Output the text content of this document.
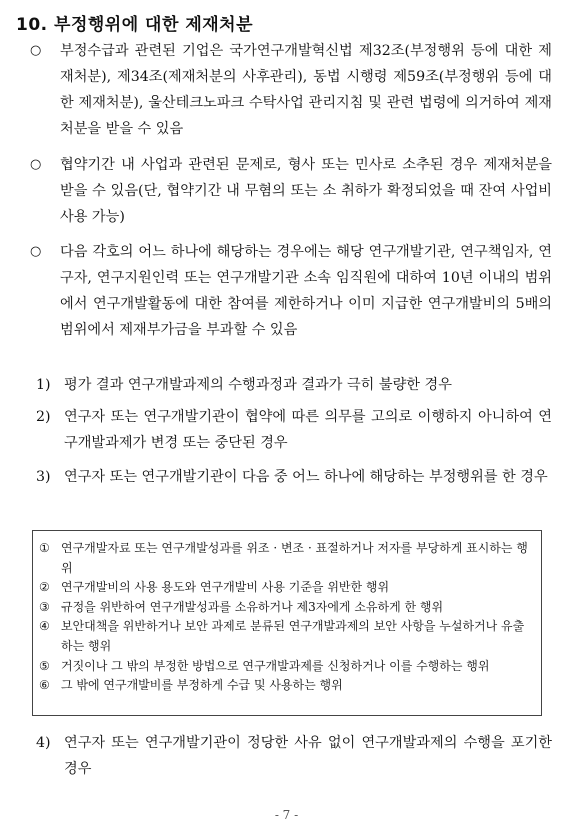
10. 부정행위에 대한 제재처분
○	부정수급과 관련된 기업은 국가연구개발혁신법 제32조(부정행위 등에 대한 제재처분), 제34조(제재처분의 사후관리), 동법 시행령 제59조(부정행위 등에 대한 제재처분), 울산테크노파크 수탁사업 관리지침 및 관련 법령에 의거하여 제재처분을 받을 수 있음
○	협약기간 내 사업과 관련된 문제로, 형사 또는 민사로 소추된 경우 제재처분을 받을 수 있음(단, 협약기간 내 무혐의 또는 소 취하가 확정되었을 때 잔여 사업비 사용 가능)
○	다음 각호의 어느 하나에 해당하는 경우에는 해당 연구개발기관, 연구책임자, 연구자, 연구지원인력 또는 연구개발기관 소속 임직원에 대하여 10년 이내의 범위에서 연구개발활동에 대한 참여를 제한하거나 이미 지급한 연구개발비의 5배의 범위에서 제재부가금을 부과할 수 있음
1) 평가 결과 연구개발과제의 수행과정과 결과가 극히 불량한 경우
2) 연구자 또는 연구개발기관이 협약에 따른 의무를 고의로 이행하지 아니하여 연구개발과제가 변경 또는 중단된 경우
3) 연구자 또는 연구개발기관이 다음 중 어느 하나에 해당하는 부정행위를 한 경우
① 연구개발자료 또는 연구개발성과를 위조 · 변조 · 표절하거나 저자를 부당하게 표시하는 행위
② 연구개발비의 사용 용도와 연구개발비 사용 기준을 위반한 행위
③ 규정을 위반하여 연구개발성과를 소유하거나 제3자에게 소유하게 한 행위
④ 보안대책을 위반하거나 보안 과제로 분류된 연구개발과제의 보안 사항을 누설하거나 유출하는 행위
⑤ 거짓이나 그 밖의 부정한 방법으로 연구개발과제를 신청하거나 이를 수행하는 행위
⑥ 그 밖에 연구개발비를 부정하게 수급 및 사용하는 행위
4) 연구자 또는 연구개발기관이 정당한 사유 없이 연구개발과제의 수행을 포기한 경우
- 7 -
